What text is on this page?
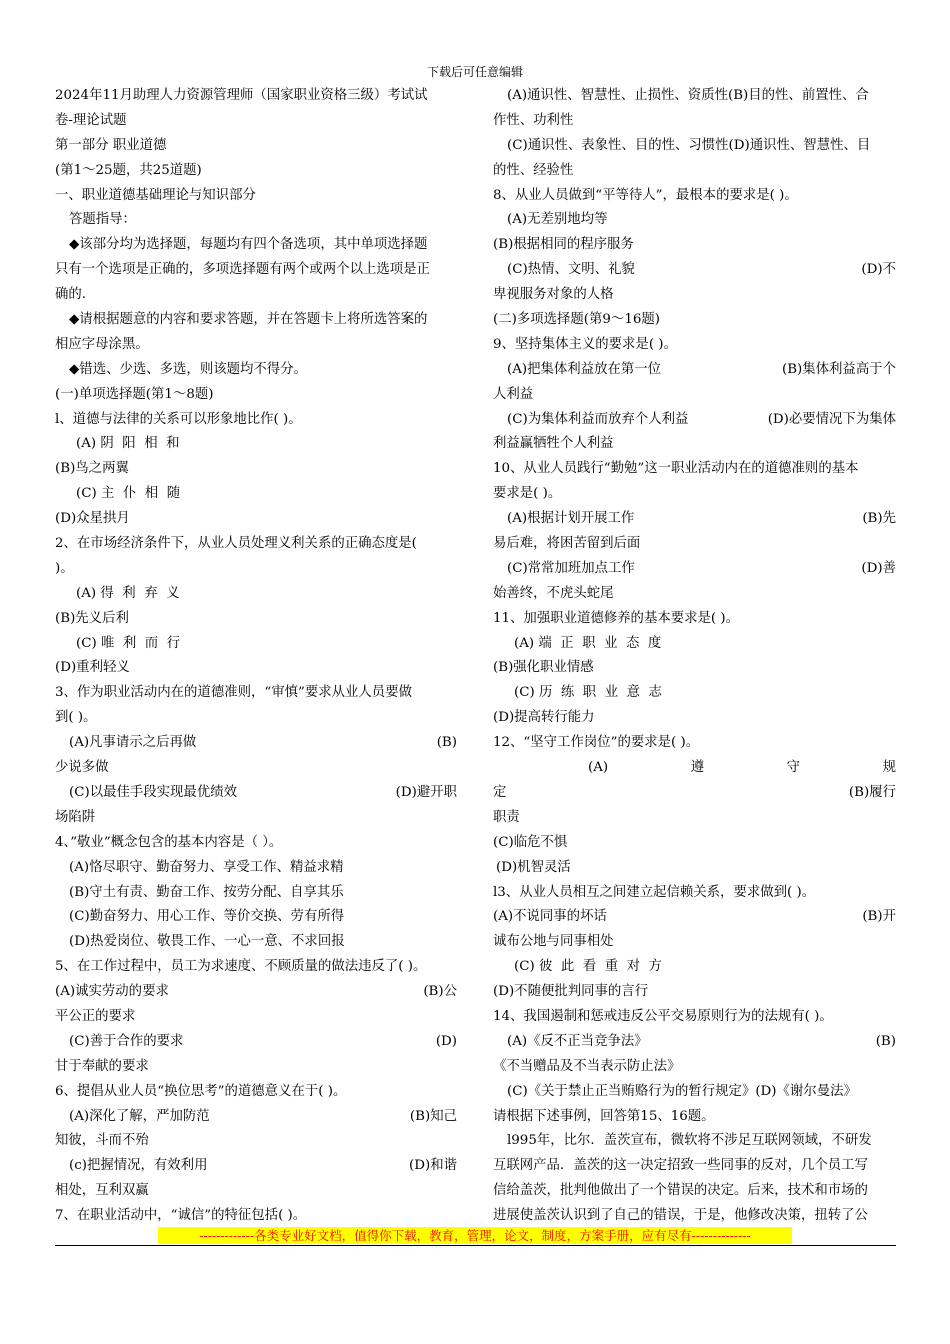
下载后可任意编辑
2024年11月助理人力资源管理师（国家职业资格三级）考试试
卷-理论试题
第一部分 职业道德
(第1～25题，共25道题)
一、职业道德基础理论与知识部分
答题指导：
◆该部分均为选择题，每题均有四个备选项，其中单项选择题
只有一个选项是正确的，多项选择题有两个或两个以上选项是正
确的.
◆请根据题意的内容和要求答题，并在答题卡上将所选答案的
相应字母涂黑。
◆错选、少选、多选，则该题均不得分。
(一)单项选择题(第1～8题)
l、道德与法律的关系可以形象地比作( )。
(A) 阴 阳 相 和
(B)鸟之两翼
(C) 主 仆 相 随
(D)众星拱月
2、在市场经济条件下，从业人员处理义利关系的正确态度是(
)。
(A) 得 利 弃 义
(B)先义后利
(C) 唯 利 而 行
(D)重利轻义
3、作为职业活动内在的道德准则，“审慎”要求从业人员要做
到( )。
(A)凡事请示之后再做	(B)
少说多做
(C)以最佳手段实现最优绩效	(D)避开职
场陷阱
4、”敬业”概念包含的基本内容是（ ）。
(A)恪尽职守、勤奋努力、享受工作、精益求精
(B)守土有责、勤奋工作、按劳分配、自享其乐
(C)勤奋努力、用心工作、等价交换、劳有所得
(D)热爱岗位、敬畏工作、一心一意、不求回报
5、在工作过程中，员工为求速度、不顾质量的做法违反了( )。
(A)诚实劳动的要求	(B)公
平公正的要求
(C)善于合作的要求	(D)
甘于奉献的要求
6、提倡从业人员“换位思考”的道德意义在于( )。
(A)深化了解，严加防范	(B)知己
知彼，斗而不殆
(c)把握情况，有效利用	(D)和谐
相处，互利双赢
7、在职业活动中，“诚信”的特征包括( )。
(A)通识性、智慧性、止损性、资质性(B)目的性、前置性、合
作性、功利性
(C)通识性、表象性、目的性、习惯性(D)通识性、智慧性、目
的性、经验性
8、从业人员做到“平等待人”，最根本的要求是( )。
(A)无差别地均等
(B)根据相同的程序服务
(C)热情、文明、礼貌	(D)不
卑视服务对象的人格
(二)多项选择题(第9～16题)
9、坚持集体主义的要求是( )。
(A)把集体利益放在第一位	(B)集体利益高于个
人利益
(C)为集体利益而放弃个人利益	(D)必要情况下为集体
利益赢牺牲个人利益
10、从业人员践行“勤勉”这一职业活动内在的道德准则的基本
要求是( )。
(A)根据计划开展工作	(B)先
易后难，将困苦留到后面
(C)常常加班加点工作	(D)善
始善终，不虎头蛇尾
11、加强职业道德修养的基本要求是( )。
(A) 端 正 职 业 态 度
(B)强化职业情感
(C) 历 练 职 业 意 志
(D)提高转行能力
12、“坚守工作岗位”的要求是( )。
(A)	遵	守	规
定	(B)履行
职责
(C)临危不惧
(D)机智灵活
l3、从业人员相互之间建立起信赖关系，要求做到( )。
(A)不说同事的坏话	(B)开
诚布公地与同事相处
(C) 彼 此 看 重 对 方
(D)不随便批判同事的言行
14、我国遏制和惩戒违反公平交易原则行为的法规有( )。
(A)《反不正当竞争法》	(B)
《不当赠品及不当表示防止法》
(C)《关于禁止正当贿赂行为的暂行规定》(D)《谢尔曼法》
请根据下述事例，回答第15、16题。
l995年，比尔．盖茨宣布，微软将不涉足互联网领域，不研发
互联网产品．盖茨的这一决定招致一些同事的反对，几个员工写
信给盖茨，批判他做出了一个错误的决定。后来，技术和市场的
进展使盖茨认识到了自己的错误，于是，他修改决策，扭转了公
-------------各类专业好文档，值得你下载，教育，管理，论文，制度，方案手册，应有尽有--------------
